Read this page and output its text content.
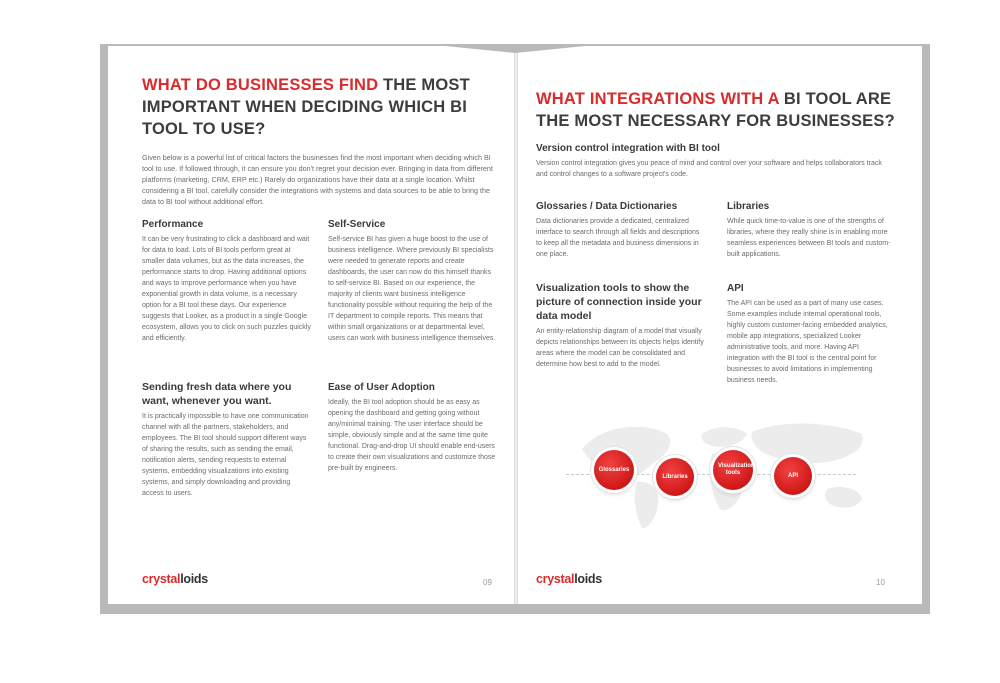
WHAT DO BUSINESSES FIND THE MOST
IMPORTANT WHEN DECIDING WHICH BI
TOOL TO USE?

Given below is a powerful list of critical factors the businesses find the most important when deciding which BI tool to use. If followed through, it can ensure you don't regret your decision ever. Bringing in data from different platforms (marketing, CRM, ERP etc.) Rarely do organizations have their data at a single location. Whilst considering a BI tool, carefully consider the integrations with systems and data sources to be able to bring the data to BI tool without additional effort.

Performance

It can be very frustrating to click a dashboard and wait for data to load. Lots of BI tools perform great at smaller data volumes, but as the data increases, the performance starts to drop. Having additional options and ways to improve performance when you have exponential growth in data volume, is a necessary option for a BI tool these days. Our experience suggests that Looker, as a product in a single Google ecosystem, allows you to click on such puzzles quickly and efficiently.

Self-Service

Self-service BI has given a huge boost to the use of business intelligence. Where previously BI specialists were needed to generate reports and create dashboards, the user can now do this himself thanks to self-service BI. Based on our experience, the majority of clients want business intelligence functionality possible without requiring the help of the IT department to compile reports. This means that within small organizations or at departmental level, users can work with business intelligence themselves.

Sending fresh data where you want, whenever you want.

It is practically impossible to have one communication channel with all the partners, stakeholders, and employees. The BI tool should support different ways of sharing the results, such as sending the email, notification alerts, sending requests to external systems, embedding visualizations into existing systems, and simply downloading and providing access to users.

Ease of User Adoption

Ideally, the BI tool adoption should be as easy as opening the dashboard and getting going without any/minimal training. The user interface should be simple, obviously simple and at the same time quite functional. Drag-and-drop UI should enable end-users to create their own visualizations and customize those pre-built by engineers.

crystalloids	09
WHAT INTEGRATIONS WITH A BI TOOL ARE
THE MOST NECESSARY FOR BUSINESSES?
Version control integration with BI tool

Version control integration gives you peace of mind and control over your software and helps collaborators track and control changes to a software project's code.

Glossaries / Data Dictionaries

Data dictionaries provide a dedicated, centralized interface to search through all fields and descriptions to keep all the metadata and business dimensions in one place.

Libraries

While quick time-to-value is one of the strengths of libraries, where they really shine is in enabling more seamless experiences between BI tools and custom-built applications.

Visualization tools to show the picture of connection inside your data model

An entity-relationship diagram of a model that visually depicts relationships between its objects helps identify areas where the model can be consolidated and determine how best to add to the model.

API

The API can be used as a part of many use cases. Some examples include internal operational tools, highly custom customer-facing embedded analytics, mobile app integrations, specialized Looker administrative tools, and more. Having API integration with the BI tool is the central point for businesses to avoid limitations in implementing business needs.

Glossaries
Libraries
Visualization tools	API
crystalloids	10
